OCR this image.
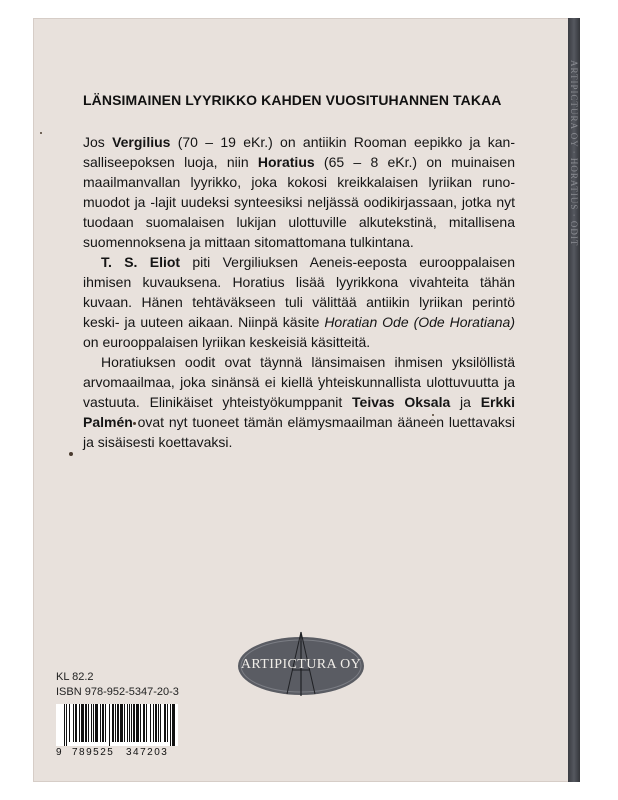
ARTIPICTURA OY · HORATIUS · ODIT
LÄNSIMAINEN LYYRIKKO KAHDEN VUOSITUHANNEN TAKAA

Jos Vergilius (70 – 19 eKr.) on antiikin Rooman eepikko ja kansalliseepoksen luoja, niin Horatius (65 – 8 eKr.) on muinaisen maailmanvallan lyyrikko, joka kokosi kreikkalaisen lyriikan runomuodot ja -lajit uudeksi synteesiksi neljässä oodikirjassaan, jotka nyt tuodaan suomalaisen lukijan ulottuville alkutekstinä, mitallisena suomennoksena ja mittaan sitomattomana tulkintana.

T. S. Eliot piti Vergiliuksen Aeneis-eeposta eurooppalaisen ihmisen kuvauksena. Horatius lisää lyyrikkona vivahteita tähän kuvaan. Hänen tehtäväkseen tuli välittää antiikin lyriikan perintö keski- ja uuteen aikaan. Niinpä käsite Horatian Ode (Ode Horatiana) on eurooppalaisen lyriikan keskeisiä käsitteitä.

Horatiuksen oodit ovat täynnä länsimaisen ihmisen yksilöllistä arvomaailmaa, joka sinänsä ei kiellä yhteiskunnallista ulottuvuutta ja vastuuta. Elinikäiset yhteistyökumppanit Teivas Oksala ja Erkki Palmén ovat nyt tuoneet tämän elämysmaailman ääneen luettavaksi ja sisäisesti koettavaksi.

ARTIPICTURA OY
KL 82.2
ISBN 978-952-5347-20-3
9 789525 347203
